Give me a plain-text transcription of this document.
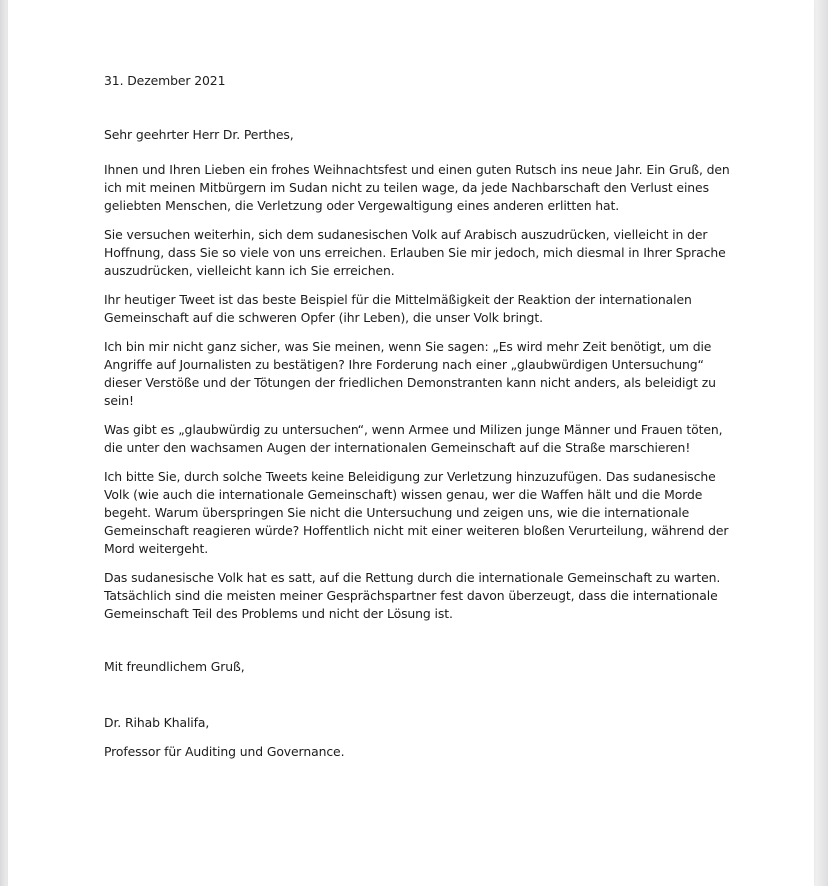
31. Dezember 2021

Sehr geehrter Herr Dr. Perthes,

Ihnen und Ihren Lieben ein frohes Weihnachtsfest und einen guten Rutsch ins neue Jahr. Ein Gruß, den ich mit meinen Mitbürgern im Sudan nicht zu teilen wage, da jede Nachbarschaft den Verlust eines geliebten Menschen, die Verletzung oder Vergewaltigung eines anderen erlitten hat.

Sie versuchen weiterhin, sich dem sudanesischen Volk auf Arabisch auszudrücken, vielleicht in der Hoffnung, dass Sie so viele von uns erreichen. Erlauben Sie mir jedoch, mich diesmal in Ihrer Sprache auszudrücken, vielleicht kann ich Sie erreichen.

Ihr heutiger Tweet ist das beste Beispiel für die Mittelmäßigkeit der Reaktion der internationalen Gemeinschaft auf die schweren Opfer (ihr Leben), die unser Volk bringt.

Ich bin mir nicht ganz sicher, was Sie meinen, wenn Sie sagen: „Es wird mehr Zeit benötigt, um die Angriffe auf Journalisten zu bestätigen? Ihre Forderung nach einer „glaubwürdigen Untersuchung“ dieser Verstöße und der Tötungen der friedlichen Demonstranten kann nicht anders, als beleidigt zu sein!

Was gibt es „glaubwürdig zu untersuchen“, wenn Armee und Milizen junge Männer und Frauen töten, die unter den wachsamen Augen der internationalen Gemeinschaft auf die Straße marschieren!

Ich bitte Sie, durch solche Tweets keine Beleidigung zur Verletzung hinzuzufügen. Das sudanesische Volk (wie auch die internationale Gemeinschaft) wissen genau, wer die Waffen hält und die Morde begeht. Warum überspringen Sie nicht die Untersuchung und zeigen uns, wie die internationale Gemeinschaft reagieren würde? Hoffentlich nicht mit einer weiteren bloßen Verurteilung, während der Mord weitergeht.

Das sudanesische Volk hat es satt, auf die Rettung durch die internationale Gemeinschaft zu warten. Tatsächlich sind die meisten meiner Gesprächspartner fest davon überzeugt, dass die internationale Gemeinschaft Teil des Problems und nicht der Lösung ist.

Mit freundlichem Gruß,

Dr. Rihab Khalifa,

Professor für Auditing und Governance.
